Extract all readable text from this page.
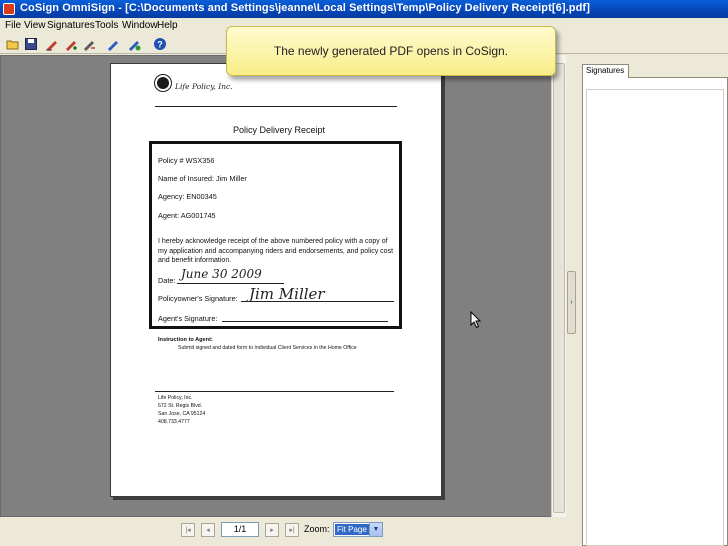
CoSign OmniSign - [C:\Documents and Settings\jeanne\Local Settings\Temp\Policy Delivery Receipt[6].pdf]
File View Signatures Tools Window Help
?
Life Policy, Inc.
Policy Delivery Receipt
Policy # WSX356
Name of Insured: Jim Miller
Agency: EN00345
Agent: AG001745
I hereby acknowledge receipt of the above numbered policy with a copy of my application and accompanying riders and endorsements, and policy cost and benefit information.
Date: June 30 2009
Policyowner's Signature: Jim Miller
Agent's Signature:
Instruction to Agent:
Submit signed and dated form to Individual Client Services in the Home Office
Life Policy, Inc.
672 St. Regis Blvd.
San Jose, CA 95124
408.733.4777
›
Signatures
|◂ ◂	1/1	▸ ▸| Zoom: Fit Page ▼
The newly generated PDF opens in CoSign.
